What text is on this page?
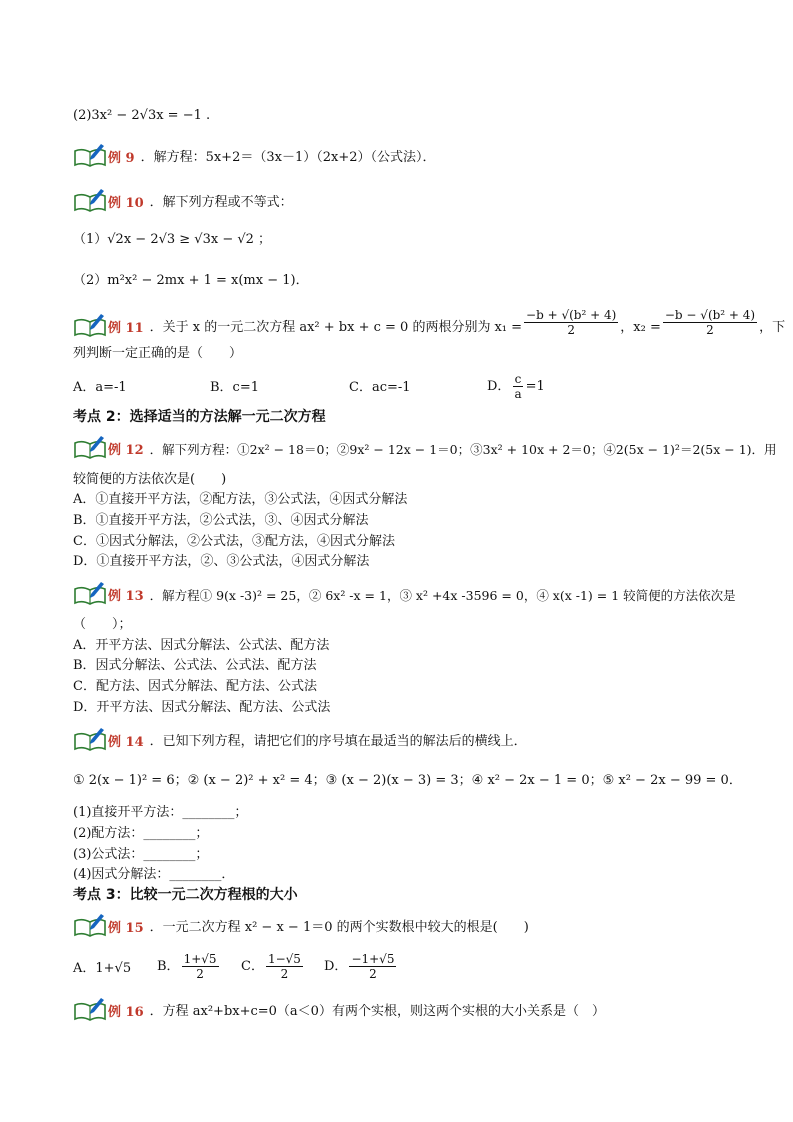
(2)3x² − 2√3x = −1 .
例 9 ．解方程：5x+2＝（3x－1）（2x+2）（公式法）．
例 10 ．解下列方程或不等式：
（1）√2x − 2√3 ≥ √3x − √2 ；
（2）m²x² − 2mx + 1 = x(mx − 1)．
例 11 ．关于 x 的一元二次方程 ax² + bx + c = 0 的两根分别为 $x_1 = \frac{\text{−b + √(b² + 4)}}{2}$ ，$x_2 = \frac{\text{−b − √(b² + 4)}}{2}$ ，下
列判断一定正确的是（　　）
A．a=-1	B．c=1	C．ac=-1	D． $\frac{c}{a} =1$
考点 2：选择适当的方法解一元二次方程
例 12 ．解下列方程：①2x² − 18＝0；②9x² − 12x − 1＝0；③3x² + 10x + 2＝0；④2(5x − 1)²＝2(5x − 1)．用
较简便的方法依次是(　　)
A．①直接开平方法，②配方法，③公式法，④因式分解法
B．①直接开平方法，②公式法，③、④因式分解法
C．①因式分解法，②公式法，③配方法，④因式分解法
D．①直接开平方法，②、③公式法，④因式分解法
例 13 ．解方程① 9(x -3)² = 25，② 6x² -x = 1，③ x² +4x -3596 = 0，④ x(x -1) = 1 较简便的方法依次是
（　　）；
A．开平方法、因式分解法、公式法、配方法
B．因式分解法、公式法、公式法、配方法
C．配方法、因式分解法、配方法、公式法
D．开平方法、因式分解法、配方法、公式法
例 14 ．已知下列方程，请把它们的序号填在最适当的解法后的横线上．
① 2(x − 1)² = 6；② (x − 2)² + x² = 4；③ (x − 2)(x − 3) = 3；④ x² − 2x − 1 = 0；⑤ x² − 2x − 99 = 0．
(1)直接开平方法：________；
(2)配方法：________；
(3)公式法：________；
(4)因式分解法：________．
考点 3：比较一元二次方程根的大小
例 15 ．一元二次方程 x² − x − 1＝0 的两个实数根中较大的根是(　　)
A．1+√5 B． $\frac{1+√5}{2}$ C． $\frac{1-√5}{2}$ D． $\frac{-1+√5}{2}$
例 16 ．方程 ax²+bx+c=0（a＜0）有两个实根，则这两个实根的大小关系是（　）
